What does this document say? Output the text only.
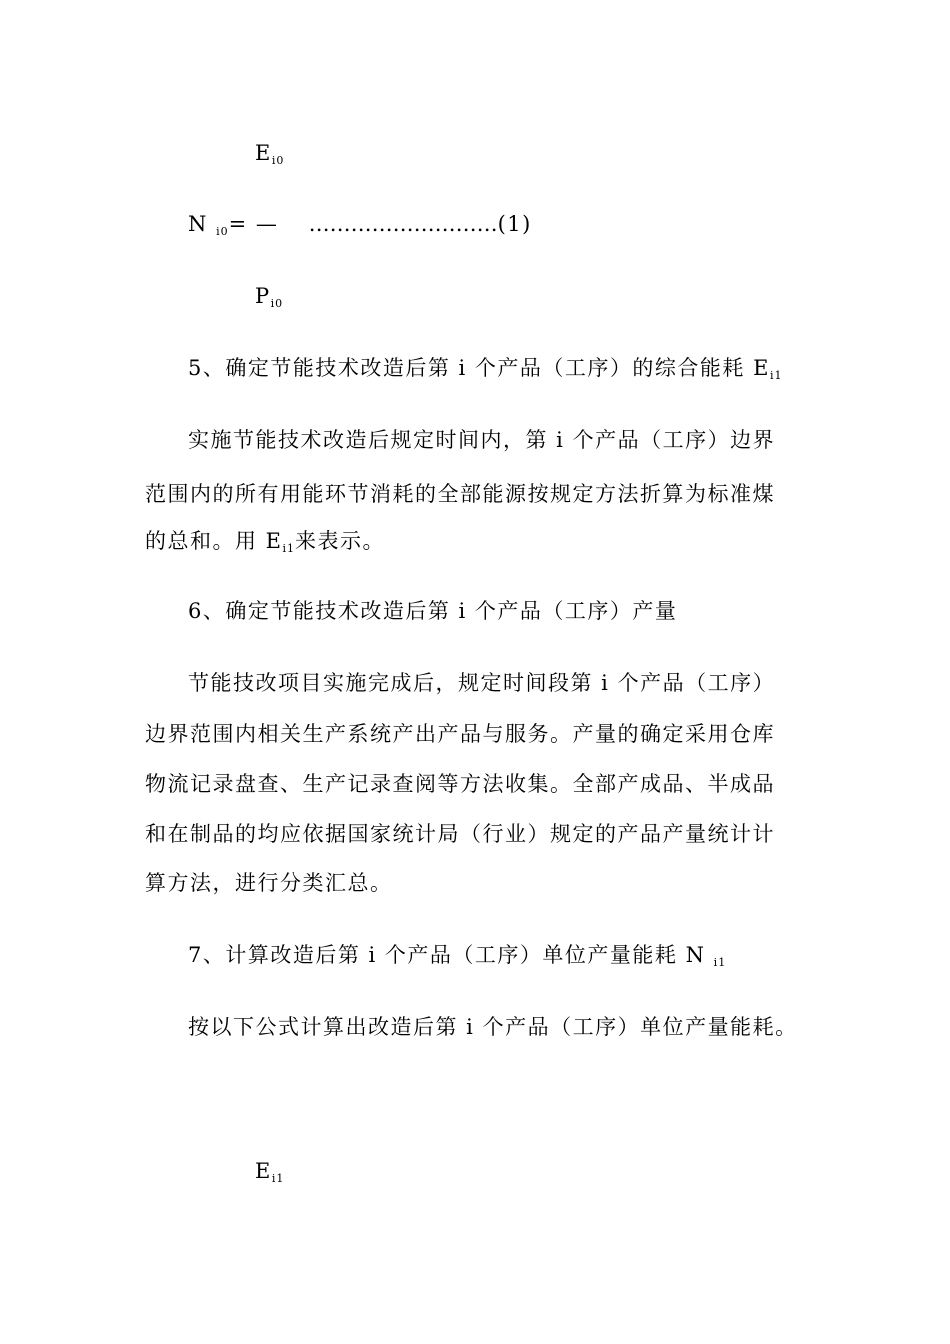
$E_{i0}$
N $_{i0}$= — ………………………(1)
$P_{i0}$
5、确定节能技术改造后第 i 个产品（工序）的综合能耗 $E_{i1}$
实施节能技术改造后规定时间内，第 i 个产品（工序）边界
范围内的所有用能环节消耗的全部能源按规定方法折算为标准煤
的总和。用 $E_{i1}$来表示。
6、确定节能技术改造后第 i 个产品（工序）产量
节能技改项目实施完成后，规定时间段第 i 个产品（工序）
边界范围内相关生产系统产出产品与服务。产量的确定采用仓库
物流记录盘查、生产记录查阅等方法收集。全部产成品、半成品
和在制品的均应依据国家统计局（行业）规定的产品产量统计计
算方法，进行分类汇总。
7、计算改造后第 i 个产品（工序）单位产量能耗 N $_{i1}$
按以下公式计算出改造后第 i 个产品（工序）单位产量能耗。
$E_{i1}$
